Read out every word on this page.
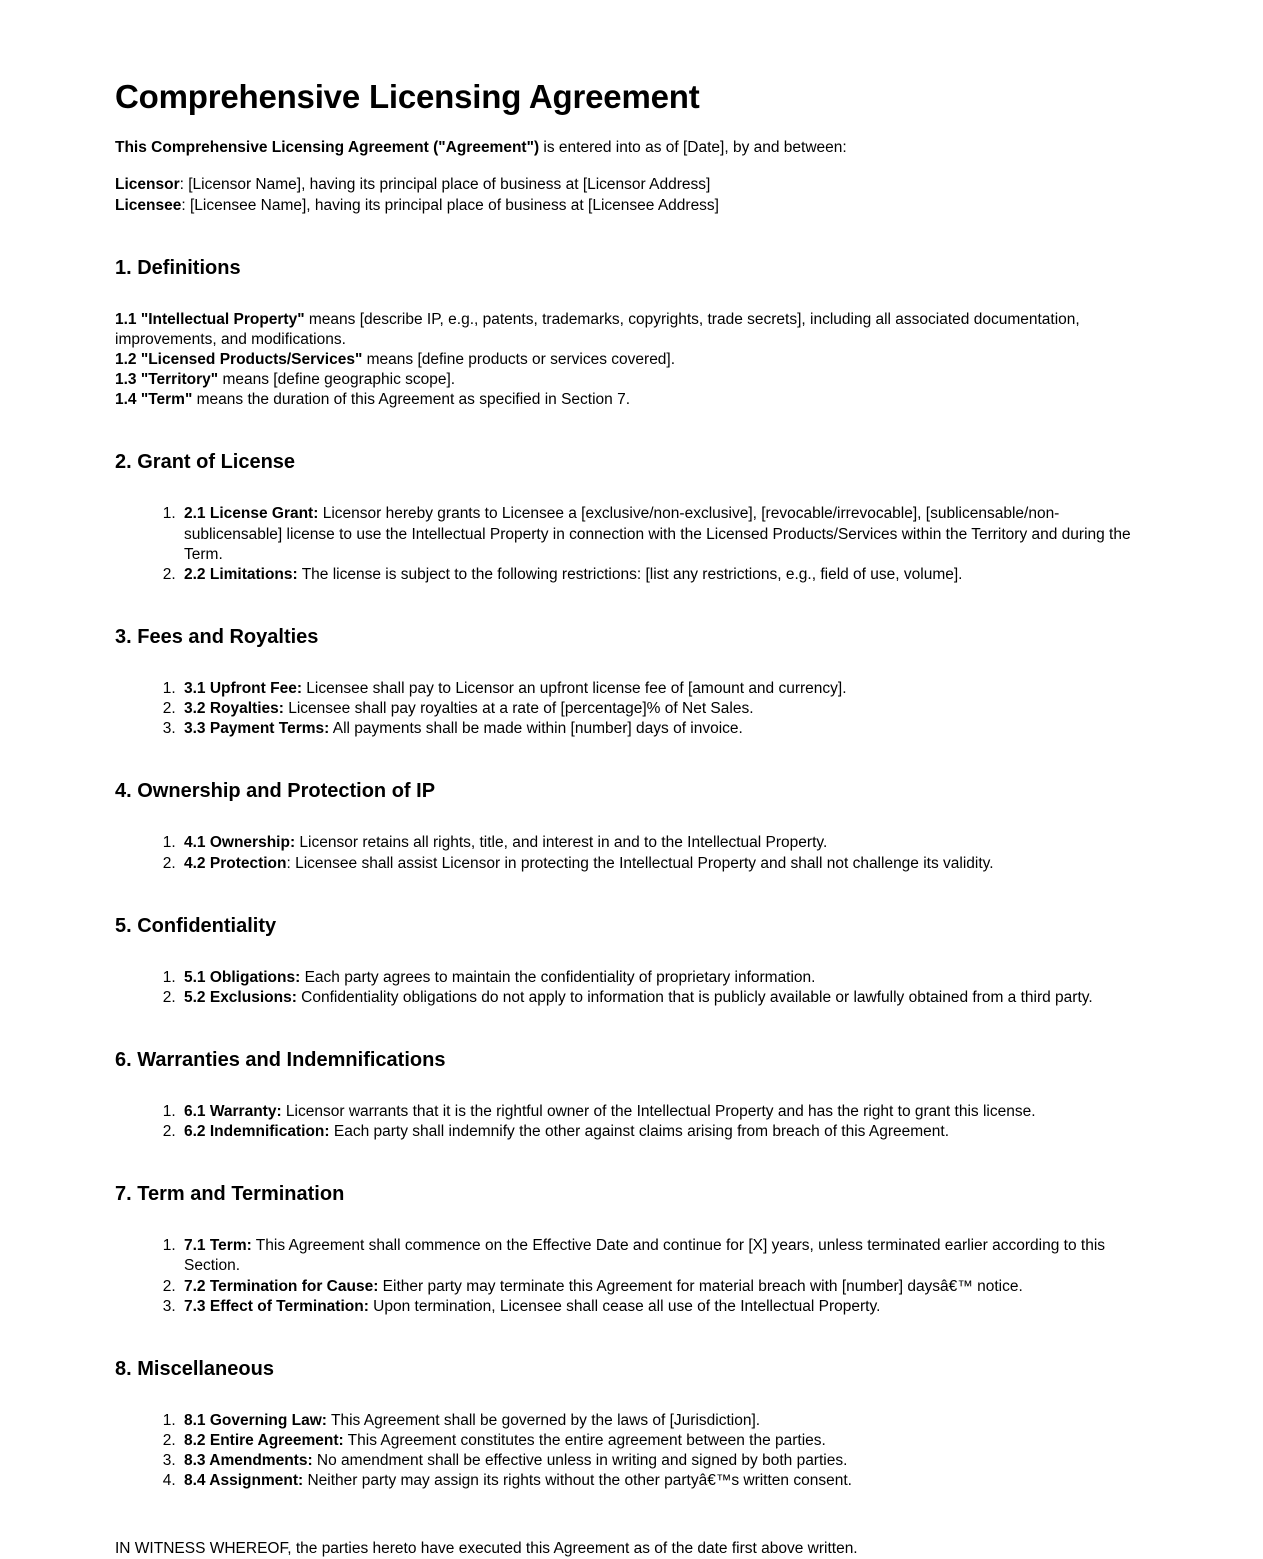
Comprehensive Licensing Agreement

This Comprehensive Licensing Agreement ("Agreement") is entered into as of [Date], by and between:

Licensor: [Licensor Name], having its principal place of business at [Licensor Address]
Licensee: [Licensee Name], having its principal place of business at [Licensee Address]

1. Definitions

1.1 "Intellectual Property" means [describe IP, e.g., patents, trademarks, copyrights, trade secrets], including all associated documentation, improvements, and modifications.
1.2 "Licensed Products/Services" means [define products or services covered].
1.3 "Territory" means [define geographic scope].
1.4 "Term" means the duration of this Agreement as specified in Section 7.

2. Grant of License
1. 2.1 License Grant: Licensor hereby grants to Licensee a [exclusive/non-exclusive], [revocable/irrevocable], [sublicensable/non-sublicensable] license to use the Intellectual Property in connection with the Licensed Products/Services within the Territory and during the Term.
2. 2.2 Limitations: The license is subject to the following restrictions: [list any restrictions, e.g., field of use, volume].
3. Fees and Royalties
1. 3.1 Upfront Fee: Licensee shall pay to Licensor an upfront license fee of [amount and currency].
2. 3.2 Royalties: Licensee shall pay royalties at a rate of [percentage]% of Net Sales.
3. 3.3 Payment Terms: All payments shall be made within [number] days of invoice.
4. Ownership and Protection of IP
1. 4.1 Ownership: Licensor retains all rights, title, and interest in and to the Intellectual Property.
2. 4.2 Protection: Licensee shall assist Licensor in protecting the Intellectual Property and shall not challenge its validity.
5. Confidentiality
1. 5.1 Obligations: Each party agrees to maintain the confidentiality of proprietary information.
2. 5.2 Exclusions: Confidentiality obligations do not apply to information that is publicly available or lawfully obtained from a third party.
6. Warranties and Indemnifications
1. 6.1 Warranty: Licensor warrants that it is the rightful owner of the Intellectual Property and has the right to grant this license.
2. 6.2 Indemnification: Each party shall indemnify the other against claims arising from breach of this Agreement.
7. Term and Termination
1. 7.1 Term: This Agreement shall commence on the Effective Date and continue for [X] years, unless terminated earlier according to this Section.
2. 7.2 Termination for Cause: Either party may terminate this Agreement for material breach with [number] daysâ€™ notice.
3. 7.3 Effect of Termination: Upon termination, Licensee shall cease all use of the Intellectual Property.
8. Miscellaneous
1. 8.1 Governing Law: This Agreement shall be governed by the laws of [Jurisdiction].
2. 8.2 Entire Agreement: This Agreement constitutes the entire agreement between the parties.
3. 8.3 Amendments: No amendment shall be effective unless in writing and signed by both parties.
4. 8.4 Assignment: Neither party may assign its rights without the other partyâ€™s written consent.

IN WITNESS WHEREOF, the parties hereto have executed this Agreement as of the date first above written.
